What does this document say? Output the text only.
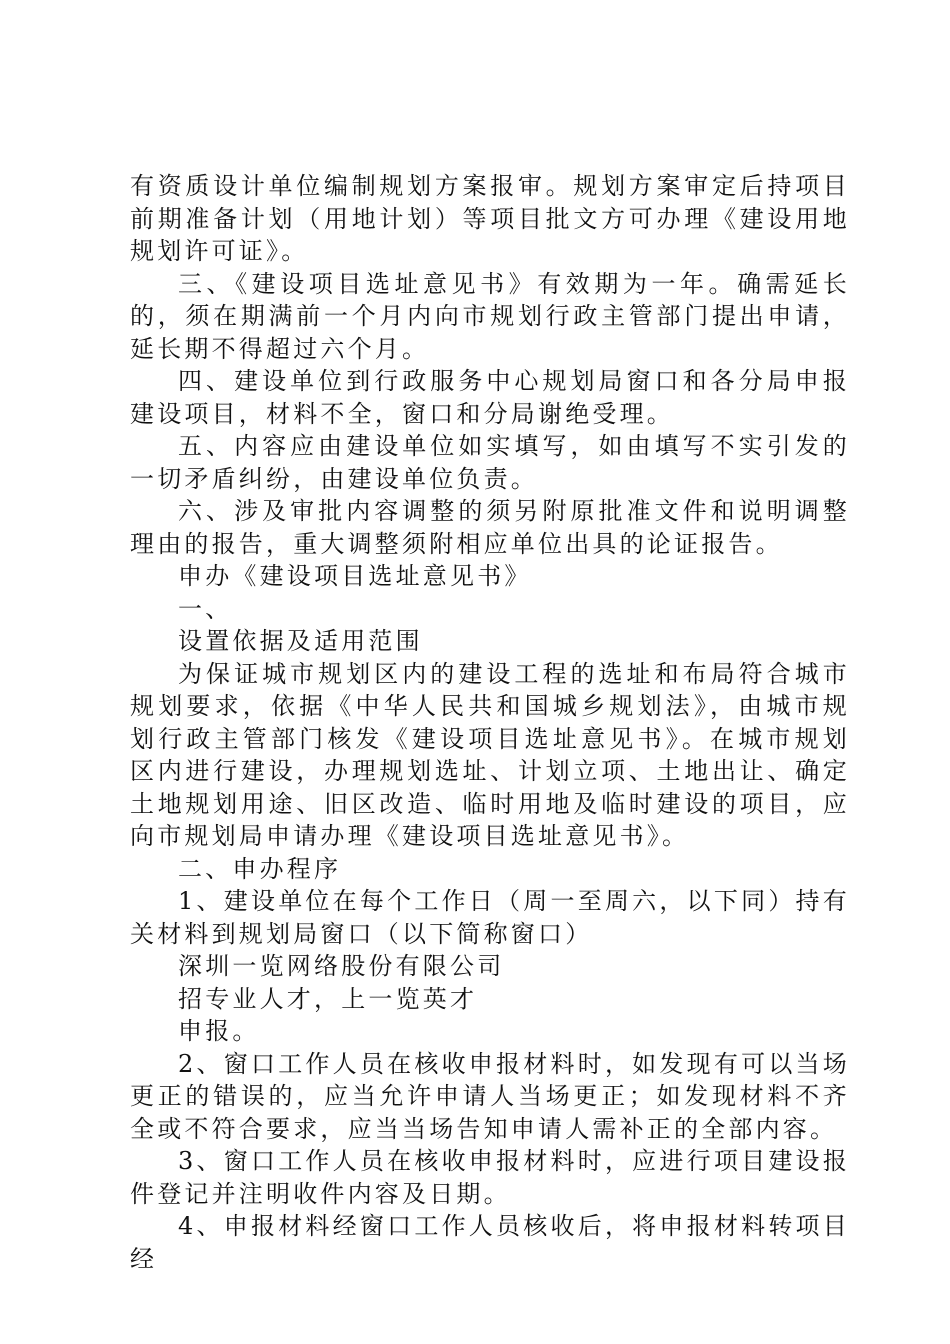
有资质设计单位编制规划方案报审。规划方案审定后持项目前期准备计划（用地计划）等项目批文方可办理《建设用地规划许可证》。

三、《建设项目选址意见书》有效期为一年。确需延长的，须在期满前一个月内向市规划行政主管部门提出申请，延长期不得超过六个月。

四、建设单位到行政服务中心规划局窗口和各分局申报建设项目，材料不全，窗口和分局谢绝受理。

五、内容应由建设单位如实填写，如由填写不实引发的一切矛盾纠纷，由建设单位负责。

六、涉及审批内容调整的须另附原批准文件和说明调整理由的报告，重大调整须附相应单位出具的论证报告。

申办《建设项目选址意见书》

一、

设置依据及适用范围

为保证城市规划区内的建设工程的选址和布局符合城市规划要求，依据《中华人民共和国城乡规划法》，由城市规划行政主管部门核发《建设项目选址意见书》。在城市规划区内进行建设，办理规划选址、计划立项、土地出让、确定土地规划用途、旧区改造、临时用地及临时建设的项目，应向市规划局申请办理《建设项目选址意见书》。

二、申办程序

1、建设单位在每个工作日（周一至周六，以下同）持有关材料到规划局窗口（以下简称窗口）

深圳一览网络股份有限公司

招专业人才，上一览英才

申报。

2、窗口工作人员在核收申报材料时，如发现有可以当场更正的错误的，应当允许申请人当场更正；如发现材料不齐全或不符合要求，应当当场告知申请人需补正的全部内容。

3、窗口工作人员在核收申报材料时，应进行项目建设报件登记并注明收件内容及日期。

4、申报材料经窗口工作人员核收后，将申报材料转项目经
